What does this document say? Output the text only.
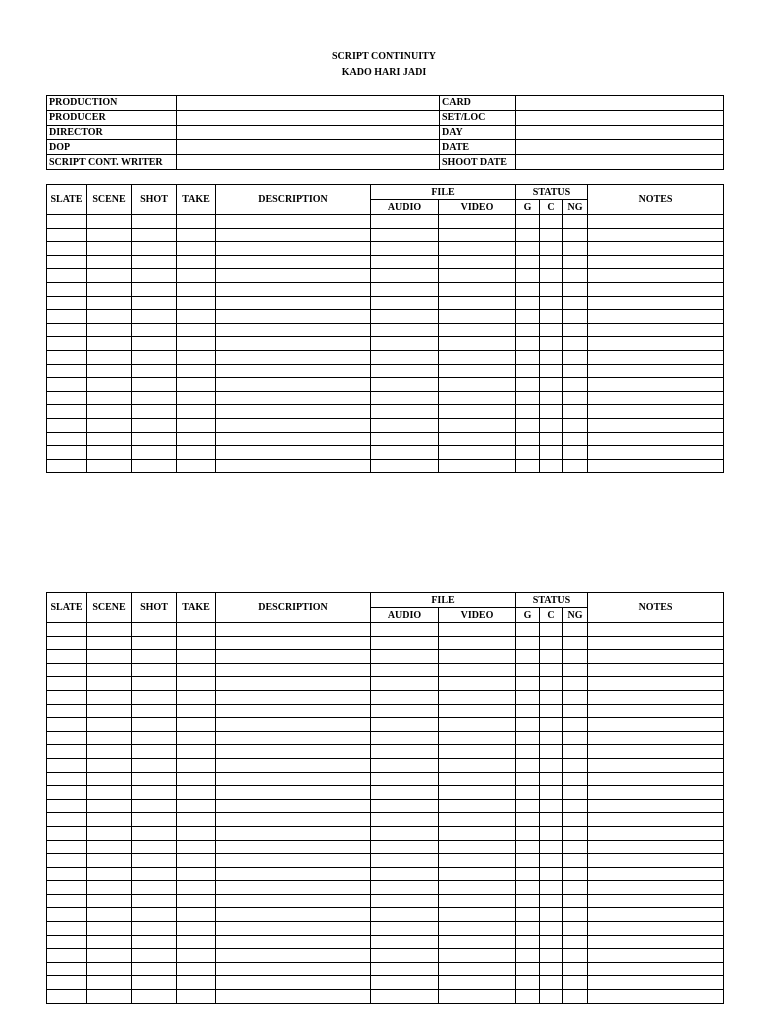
SCRIPT CONTINUITY
KADO HARI JADI
PRODUCTION		CARD	
PRODUCER		SET/LOC	
DIRECTOR		DAY	
DOP		DATE	
SCRIPT CONT. WRITER		SHOOT DATE	
SLATE	SCENE	SHOT	TAKE	DESCRIPTION	FILE		STATUS			NOTES
					AUDIO	VIDEO	G	C	NG	

SLATE	SCENE	SHOT	TAKE	DESCRIPTION	FILE		STATUS			NOTES
					AUDIO	VIDEO	G	C	NG	
